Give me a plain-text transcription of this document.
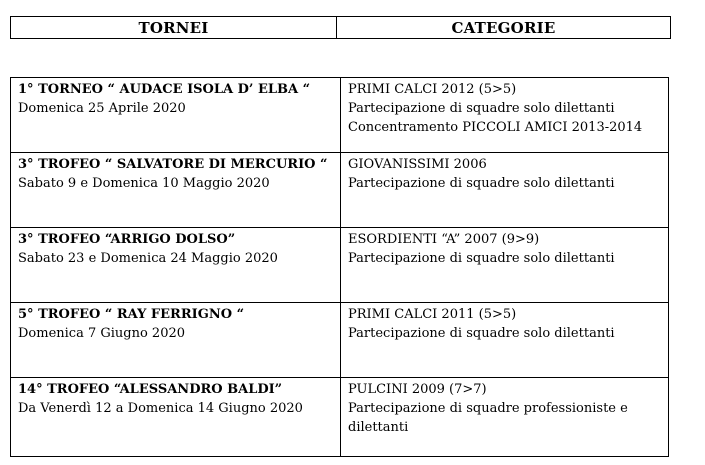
TORNEI	CATEGORIE
1° TORNEO “ AUDACE ISOLA D’ ELBA “
Domenica 25 Aprile 2020
PRIMI CALCI 2012 (5>5)
Partecipazione di squadre solo dilettanti
Concentramento PICCOLI AMICI 2013-2014
3° TROFEO “ SALVATORE DI MERCURIO “
Sabato 9 e Domenica 10 Maggio 2020
GIOVANISSIMI 2006
Partecipazione di squadre solo dilettanti
3° TROFEO “ARRIGO DOLSO”
Sabato 23 e Domenica 24 Maggio 2020
ESORDIENTI “A” 2007 (9>9)
Partecipazione di squadre solo dilettanti
5° TROFEO “ RAY FERRIGNO “
Domenica 7 Giugno 2020
PRIMI CALCI 2011 (5>5)
Partecipazione di squadre solo dilettanti
14° TROFEO “ALESSANDRO BALDI”
Da Venerdì 12 a Domenica 14 Giugno 2020
PULCINI 2009 (7>7)
Partecipazione di squadre professioniste e dilettanti
